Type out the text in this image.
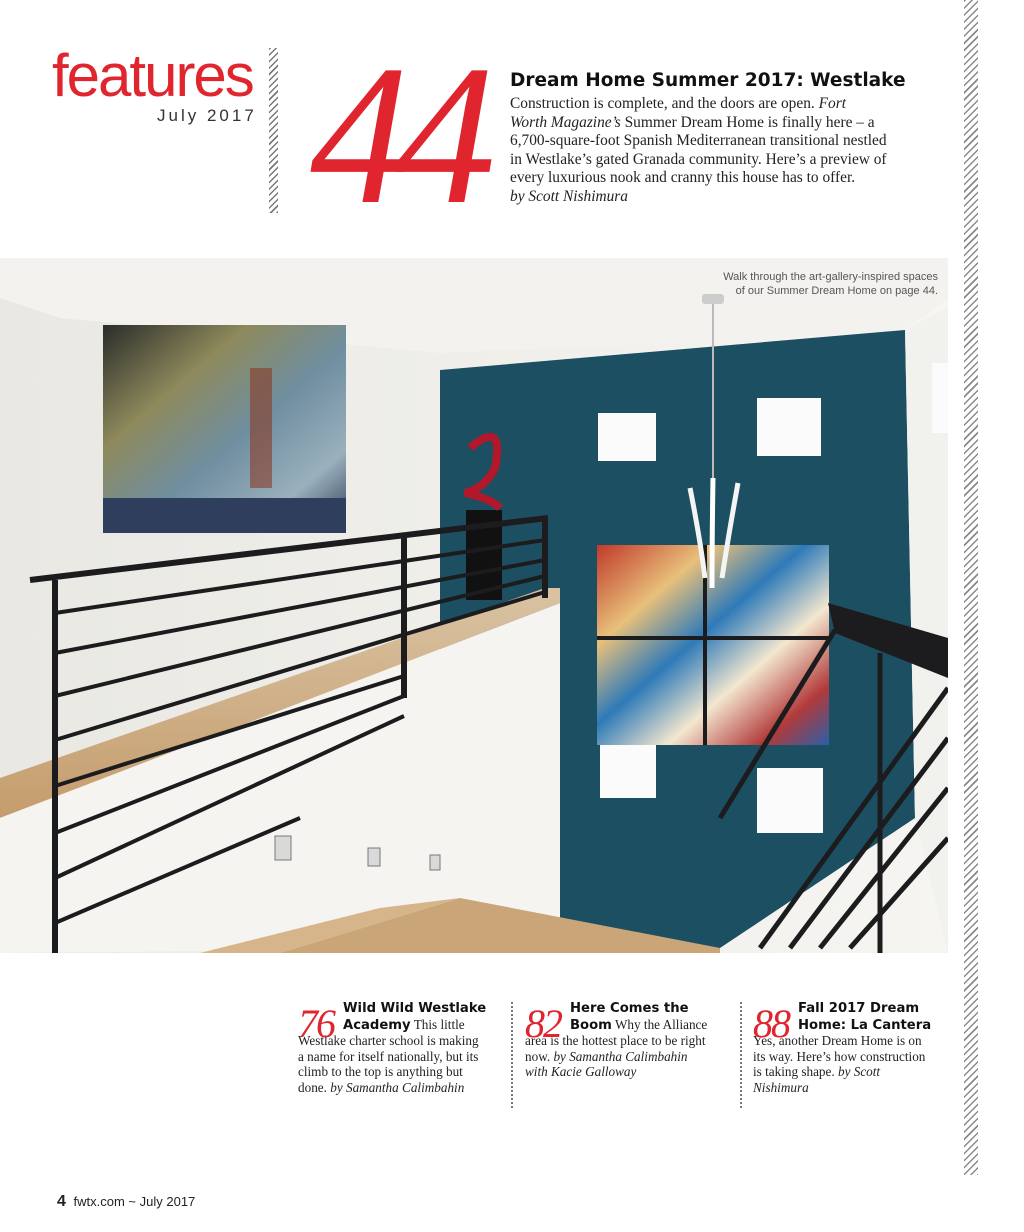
features
July 2017 44 Dream Home Summer 2017: Westlake
Construction is complete, and the doors are open. Fort
Worth Magazine’s Summer Dream Home is finally here – a
6,700-square-foot Spanish Mediterranean transitional nestled
in Westlake’s gated Granada community. Here’s a preview of
every luxurious nook and cranny this house has to offer.
by Scott Nishimura
Walk through the art-gallery-inspired spaces
of our Summer Dream Home on page 44.
76 Wild Wild Westlake
Academy This little
Westlake charter school is making
a name for itself nationally, but its
climb to the top is anything but
done. by Samantha Calimbahin
82 Here Comes the
Boom Why the Alliance
area is the hottest place to be right
now. by Samantha Calimbahin
with Kacie Galloway
88 Fall 2017 Dream
Home: La Cantera
Yes, another Dream Home is on
its way. Here’s how construction
is taking shape. by Scott
Nishimura
4 fwtx.com ~ July 2017
